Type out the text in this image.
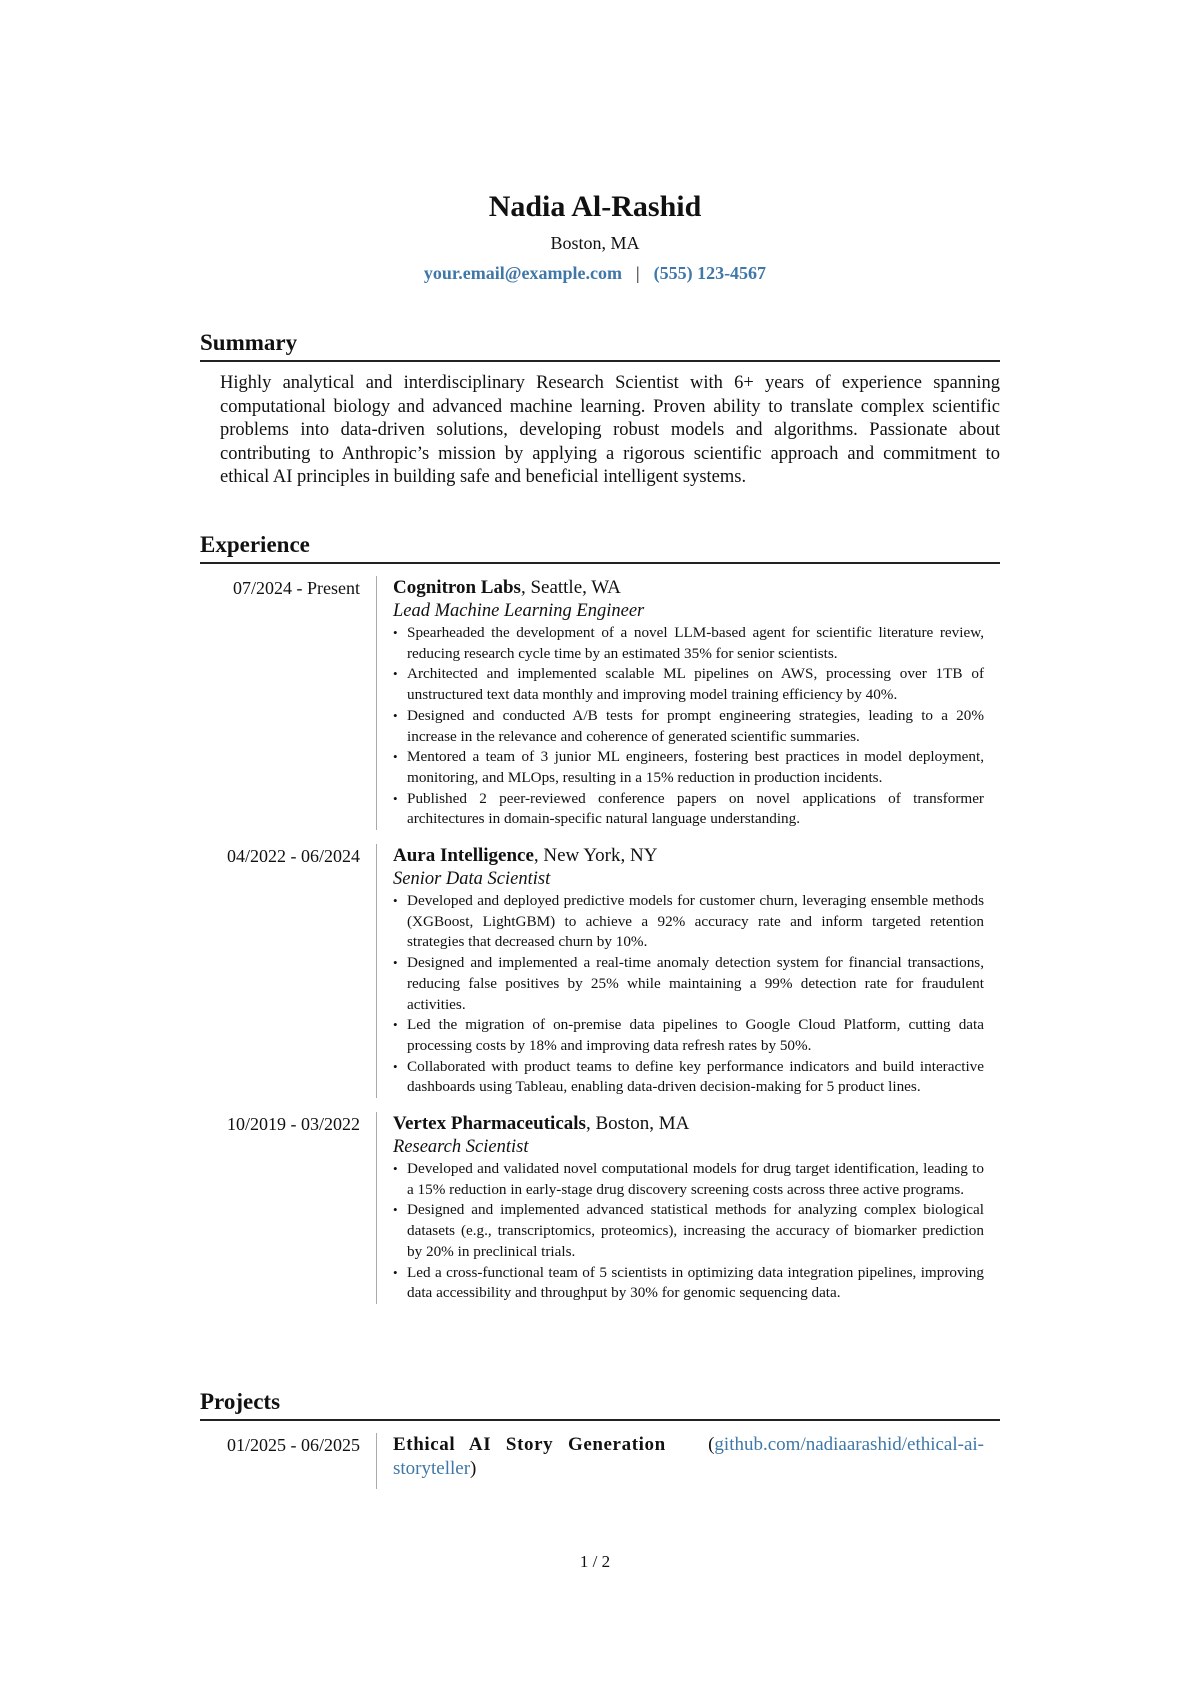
Nadia Al-Rashid
Boston, MA
your.email@example.com | (555) 123-4567
Summary
Highly analytical and interdisciplinary Research Scientist with 6+ years of experience spanning computational biology and advanced machine learning. Proven ability to translate complex scientific problems into data-driven solutions, developing robust models and algorithms. Passionate about contributing to Anthropic’s mission by applying a rigorous scientific approach and commitment to ethical AI principles in building safe and beneficial intelligent systems.
Experience
07/2024 - Present	Cognitron Labs, Seattle, WA
Lead Machine Learning Engineer
• Spearheaded the development of a novel LLM-based agent for scientific literature review, reducing research cycle time by an estimated 35% for senior scientists.
• Architected and implemented scalable ML pipelines on AWS, processing over 1TB of unstructured text data monthly and improving model training efficiency by 40%.
• Designed and conducted A/B tests for prompt engineering strategies, leading to a 20% increase in the relevance and coherence of generated scientific summaries.
• Mentored a team of 3 junior ML engineers, fostering best practices in model deployment, monitoring, and MLOps, resulting in a 15% reduction in production incidents.
• Published 2 peer-reviewed conference papers on novel applications of transformer architectures in domain-specific natural language understanding.
04/2022 - 06/2024	Aura Intelligence, New York, NY
Senior Data Scientist
• Developed and deployed predictive models for customer churn, leveraging ensemble methods (XGBoost, LightGBM) to achieve a 92% accuracy rate and inform targeted retention strategies that decreased churn by 10%.
• Designed and implemented a real-time anomaly detection system for financial transactions, reducing false positives by 25% while maintaining a 99% detection rate for fraudulent activities.
• Led the migration of on-premise data pipelines to Google Cloud Platform, cutting data processing costs by 18% and improving data refresh rates by 50%.
• Collaborated with product teams to define key performance indicators and build interactive dashboards using Tableau, enabling data-driven decision-making for 5 product lines.
10/2019 - 03/2022	Vertex Pharmaceuticals, Boston, MA
Research Scientist
• Developed and validated novel computational models for drug target identification, leading to a 15% reduction in early-stage drug discovery screening costs across three active programs.
• Designed and implemented advanced statistical methods for analyzing complex biological datasets (e.g., transcriptomics, proteomics), increasing the accuracy of biomarker prediction by 20% in preclinical trials.
• Led a cross-functional team of 5 scientists in optimizing data integration pipelines, improving data accessibility and throughput by 30% for genomic sequencing data.
Projects
01/2025 - 06/2025	Ethical AI Story Generation (github.com/nadiaarashid/ethical-ai-storyteller)
1 / 2
